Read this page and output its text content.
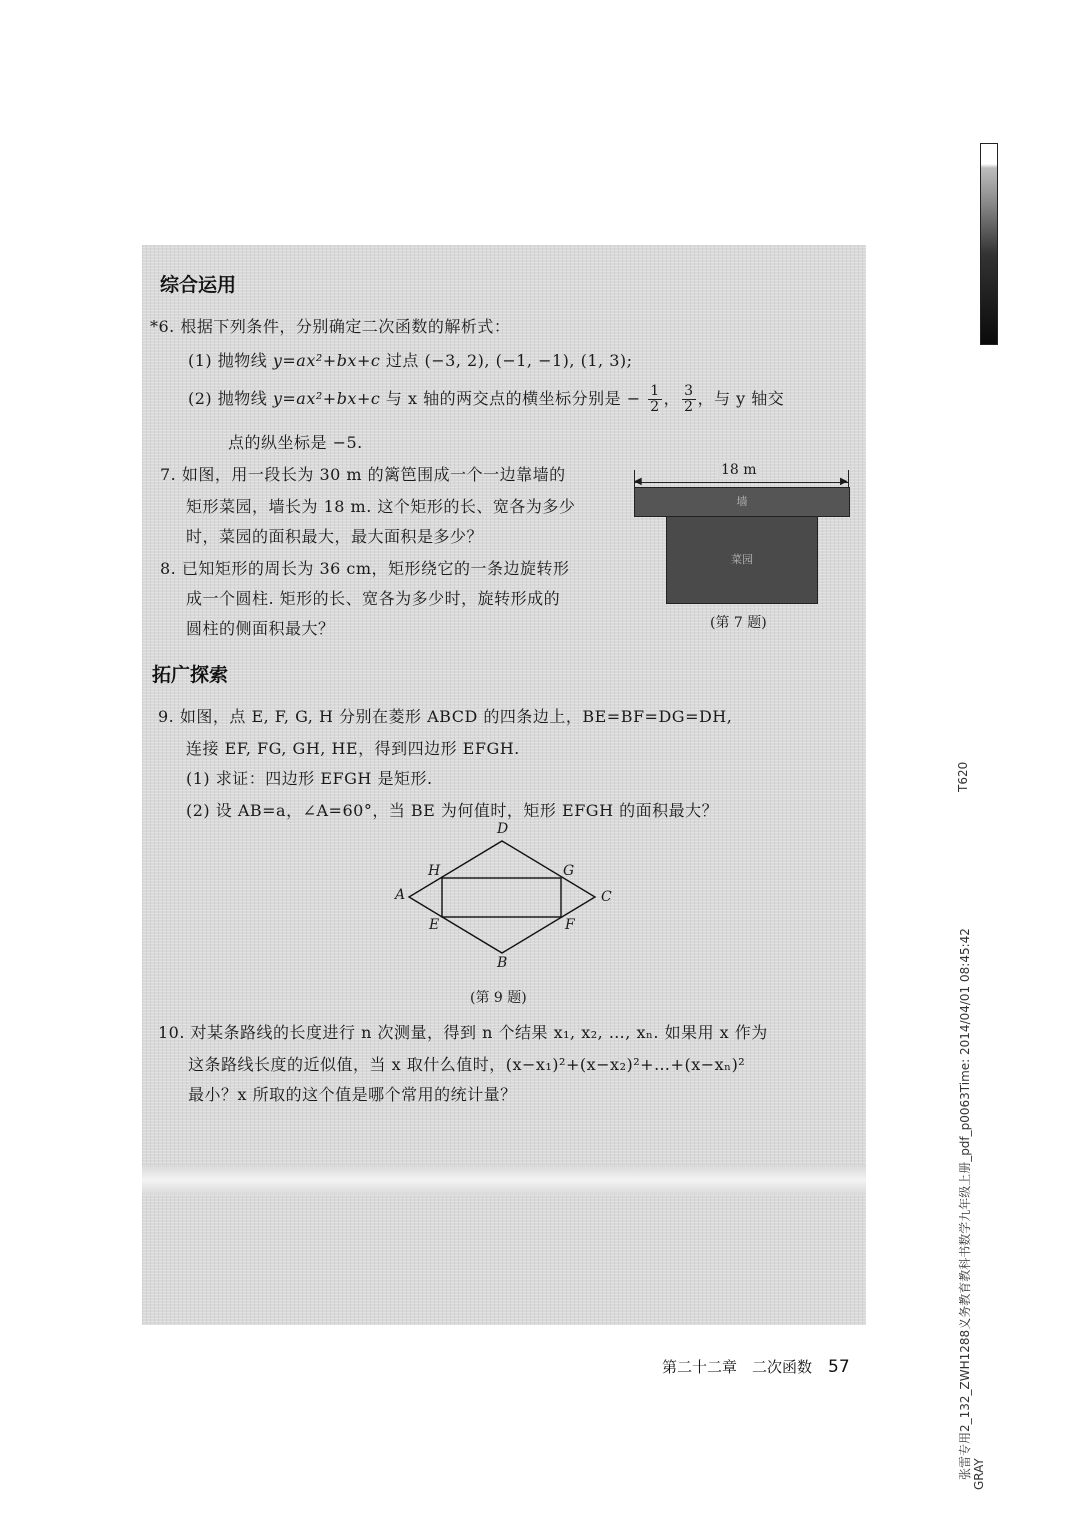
综合运用
*6. 根据下列条件，分别确定二次函数的解析式：
(1) 抛物线 y=ax²+bx+c 过点 (−3, 2), (−1, −1), (1, 3);
(2) 抛物线 y=ax²+bx+c 与 x 轴的两交点的横坐标分别是 − $\frac{1}{2}$ ， $\frac{3}{2}$ ，与 y 轴交
点的纵坐标是 −5.
7. 如图，用一段长为 30 m 的篱笆围成一个一边靠墙的
矩形菜园，墙长为 18 m. 这个矩形的长、宽各为多少
时，菜园的面积最大，最大面积是多少？
8. 已知矩形的周长为 36 cm，矩形绕它的一条边旋转形
成一个圆柱. 矩形的长、宽各为多少时，旋转形成的
圆柱的侧面积最大？
◀	▶
18 m
墙
菜园
(第 7 题)
拓广探索
9. 如图，点 E, F, G, H 分别在菱形 ABCD 的四条边上，BE=BF=DG=DH,
连接 EF, FG, GH, HE，得到四边形 EFGH.
(1) 求证：四边形 EFGH 是矩形.
(2) 设 AB=a，∠A=60°，当 BE 为何值时，矩形 EFGH 的面积最大？
D
H	G
A	C
E	F
B
(第 9 题)
10. 对某条路线的长度进行 n 次测量，得到 n 个结果 x₁, x₂, …, xₙ. 如果用 x 作为
这条路线长度的近似值，当 x 取什么值时，(x−x₁)²+(x−x₂)²+…+(x−xₙ)²
最小？x 所取的这个值是哪个常用的统计量？
第二十二章　二次函数 57
T620
张雷专用2_132_ZWH1288义务教育教科书数学九年级上册_pdf_p0063Time: 2014/04/01 08:45:42 GRAY
